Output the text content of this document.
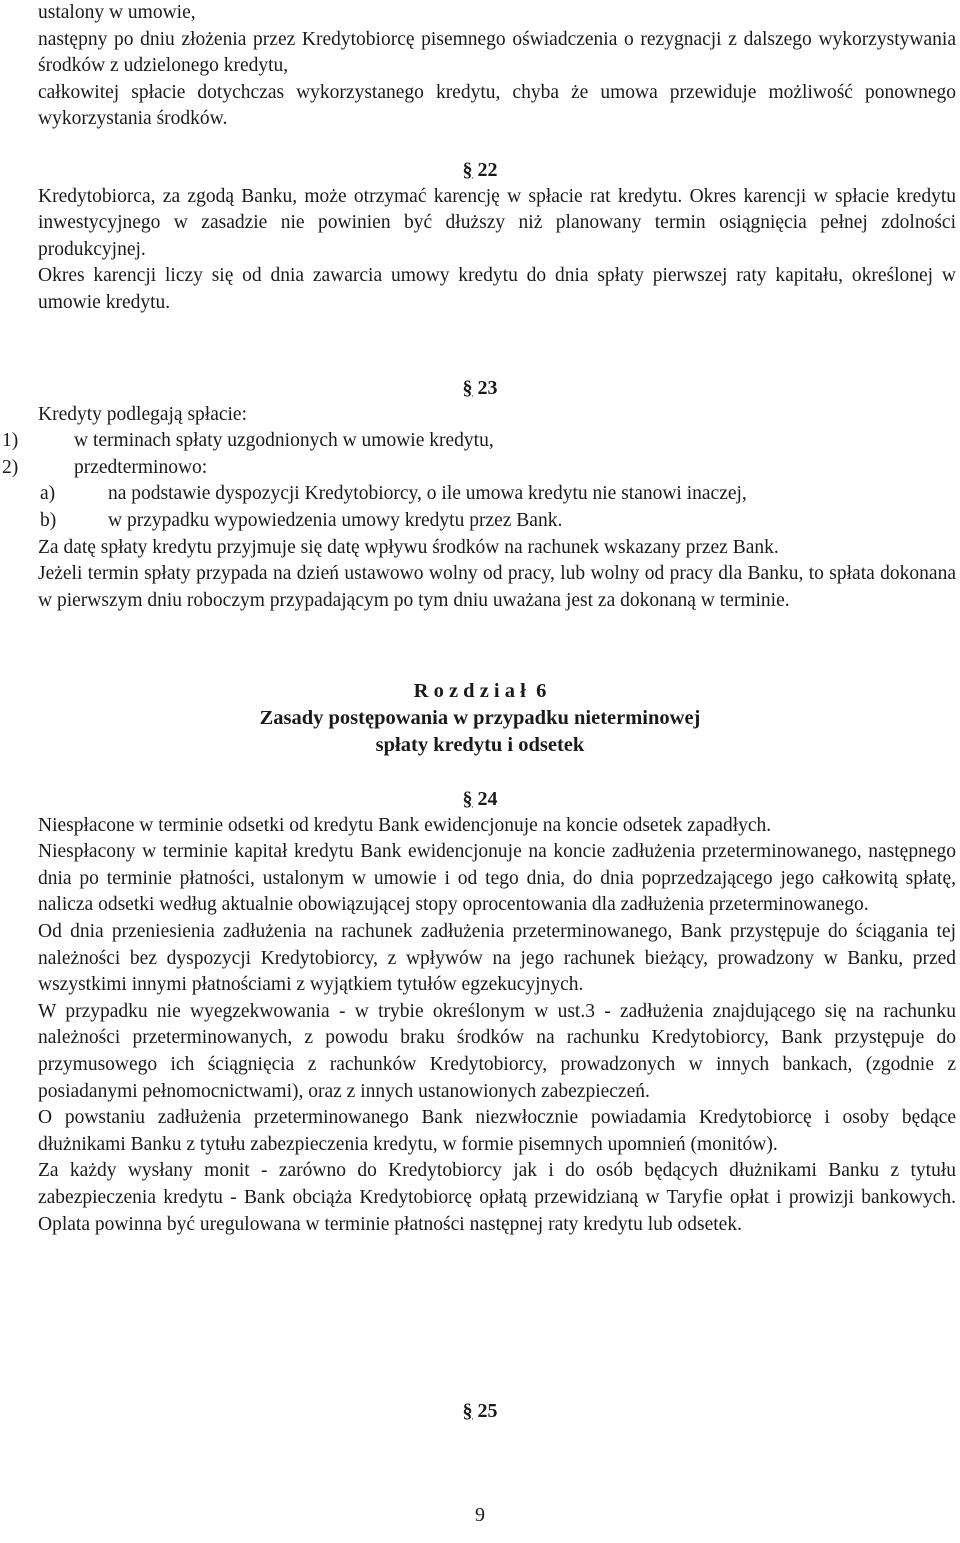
ustalony w umowie,
następny po dniu złożenia przez Kredytobiorcę pisemnego oświadczenia o rezygnacji z dalszego wykorzystywania środków z udzielonego kredytu,
całkowitej spłacie dotychczas wykorzystanego kredytu, chyba że umowa przewiduje możliwość ponownego wykorzystania środków.
§ 22
Kredytobiorca, za zgodą Banku, może otrzymać karencję w spłacie rat kredytu. Okres karencji w spłacie kredytu inwestycyjnego w zasadzie nie powinien być dłuższy niż planowany termin osiągnięcia pełnej zdolności produkcyjnej.
Okres karencji liczy się od dnia zawarcia umowy kredytu do dnia spłaty pierwszej raty kapitału, określonej w umowie kredytu.
§ 23
Kredyty podlegają spłacie:
1)	w terminach spłaty uzgodnionych w umowie kredytu,
2)	przedterminowo:
a)	na podstawie dyspozycji Kredytobiorcy, o ile umowa kredytu nie stanowi inaczej,
b)	w przypadku wypowiedzenia umowy kredytu przez Bank.
Za datę spłaty kredytu przyjmuje się datę wpływu środków na rachunek wskazany przez Bank.
Jeżeli termin spłaty przypada na dzień ustawowo wolny od pracy, lub wolny od pracy dla Banku, to spłata dokonana w pierwszym dniu roboczym przypadającym po tym dniu uważana jest za dokonaną w terminie.
R o z d z i a ł  6
Zasady postępowania w przypadku nieterminowej
spłaty kredytu i odsetek
§ 24
Niespłacone w terminie odsetki od kredytu Bank ewidencjonuje na koncie odsetek zapadłych.
Niespłacony w terminie kapitał kredytu Bank ewidencjonuje na koncie zadłużenia przeterminowanego, następnego dnia po terminie płatności, ustalonym w umowie i od tego dnia, do dnia poprzedzającego jego całkowitą spłatę, nalicza odsetki według aktualnie obowiązującej stopy oprocentowania dla zadłużenia przeterminowanego.
Od dnia przeniesienia zadłużenia na rachunek zadłużenia przeterminowanego, Bank przystępuje do ściągania tej należności bez dyspozycji Kredytobiorcy, z wpływów na jego rachunek bieżący, prowadzony w Banku, przed wszystkimi innymi płatnościami z wyjątkiem tytułów egzekucyjnych.
W przypadku nie wyegzekwowania - w trybie określonym w ust.3 - zadłużenia znajdującego się na rachunku należności przeterminowanych, z powodu braku środków na rachunku Kredytobiorcy, Bank przystępuje do przymusowego ich ściągnięcia z rachunków Kredytobiorcy, prowadzonych w innych bankach, (zgodnie z posiadanymi pełnomocnictwami), oraz z innych ustanowionych zabezpieczeń.
O powstaniu zadłużenia przeterminowanego Bank niezwłocznie powiadamia Kredytobiorcę i osoby będące dłużnikami Banku z tytułu zabezpieczenia kredytu, w formie pisemnych upomnień (monitów).
Za każdy wysłany monit - zarówno do Kredytobiorcy jak i do osób będących dłużnikami Banku z tytułu zabezpieczenia kredytu - Bank obciąża Kredytobiorcę opłatą przewidzianą w Taryfie opłat i prowizji bankowych. Oplata powinna być uregulowana w terminie płatności następnej raty kredytu lub odsetek.
§ 25
9
